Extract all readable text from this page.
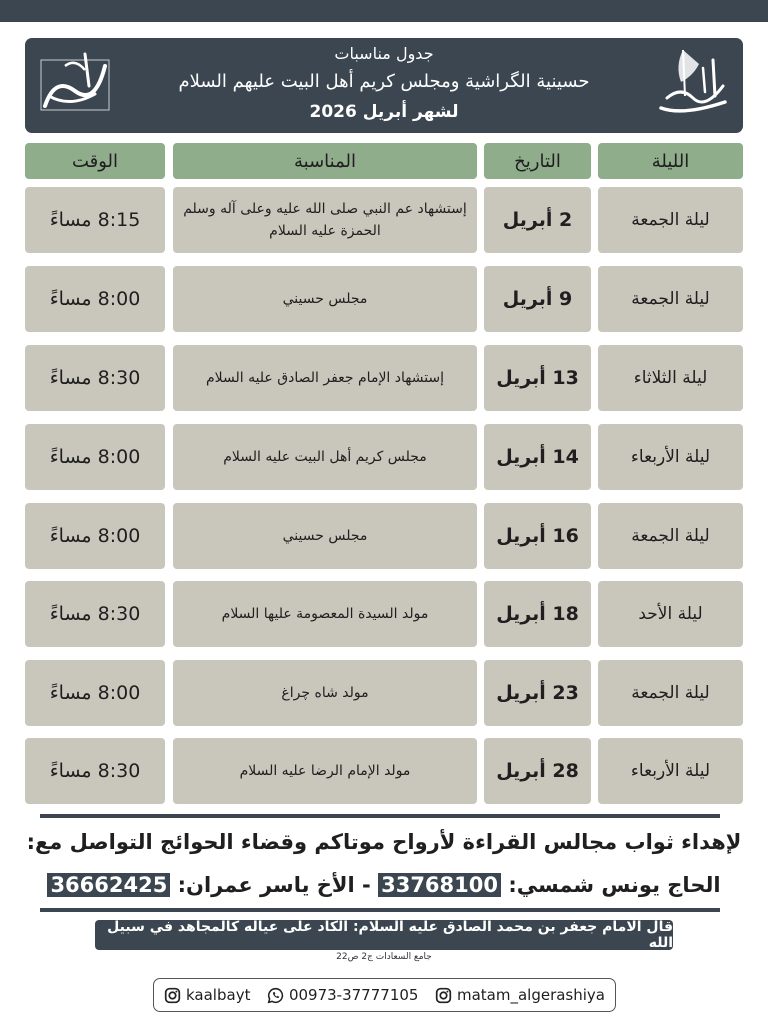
جدول مناسبات
حسينية الگراشية ومجلس كريم أهل البيت عليهم السلام
لشهر أبريل 2026
الليلة
التاريخ
المناسبة
الوقت
ليلة الجمعة
2 أبريل
إستشهاد عم النبي صلى الله عليه وعلى آله وسلم الحمزة عليه السلام
8:15 مساءً
ليلة الجمعة
9 أبريل
مجلس حسيني
8:00 مساءً
ليلة الثلاثاء
13 أبريل
إستشهاد الإمام جعفر الصادق عليه السلام
8:30 مساءً
ليلة الأربعاء
14 أبريل
مجلس كريم أهل البيت عليه السلام
8:00 مساءً
ليلة الجمعة
16 أبريل
مجلس حسيني
8:00 مساءً
ليلة الأحد
18 أبريل
مولد السيدة المعصومة عليها السلام
8:30 مساءً
ليلة الجمعة
23 أبريل
مولد شاه چراغ
8:00 مساءً
ليلة الأربعاء
28 أبريل
مولد الإمام الرضا عليه السلام
8:30 مساءً
لإهداء ثواب مجالس القراءة لأرواح موتاكم وقضاء الحوائج التواصل مع:
الحاج يونس شمسي: 33768100 - الأخ ياسر عمران: 36662425
قال الامام جعفر بن محمد الصادق عليه السلام: الكاد على عياله كالمجاهد في سبيل الله
جامع السعادات ج2 ص22
kaalbayt	00973-37777105	matam_algerashiya
